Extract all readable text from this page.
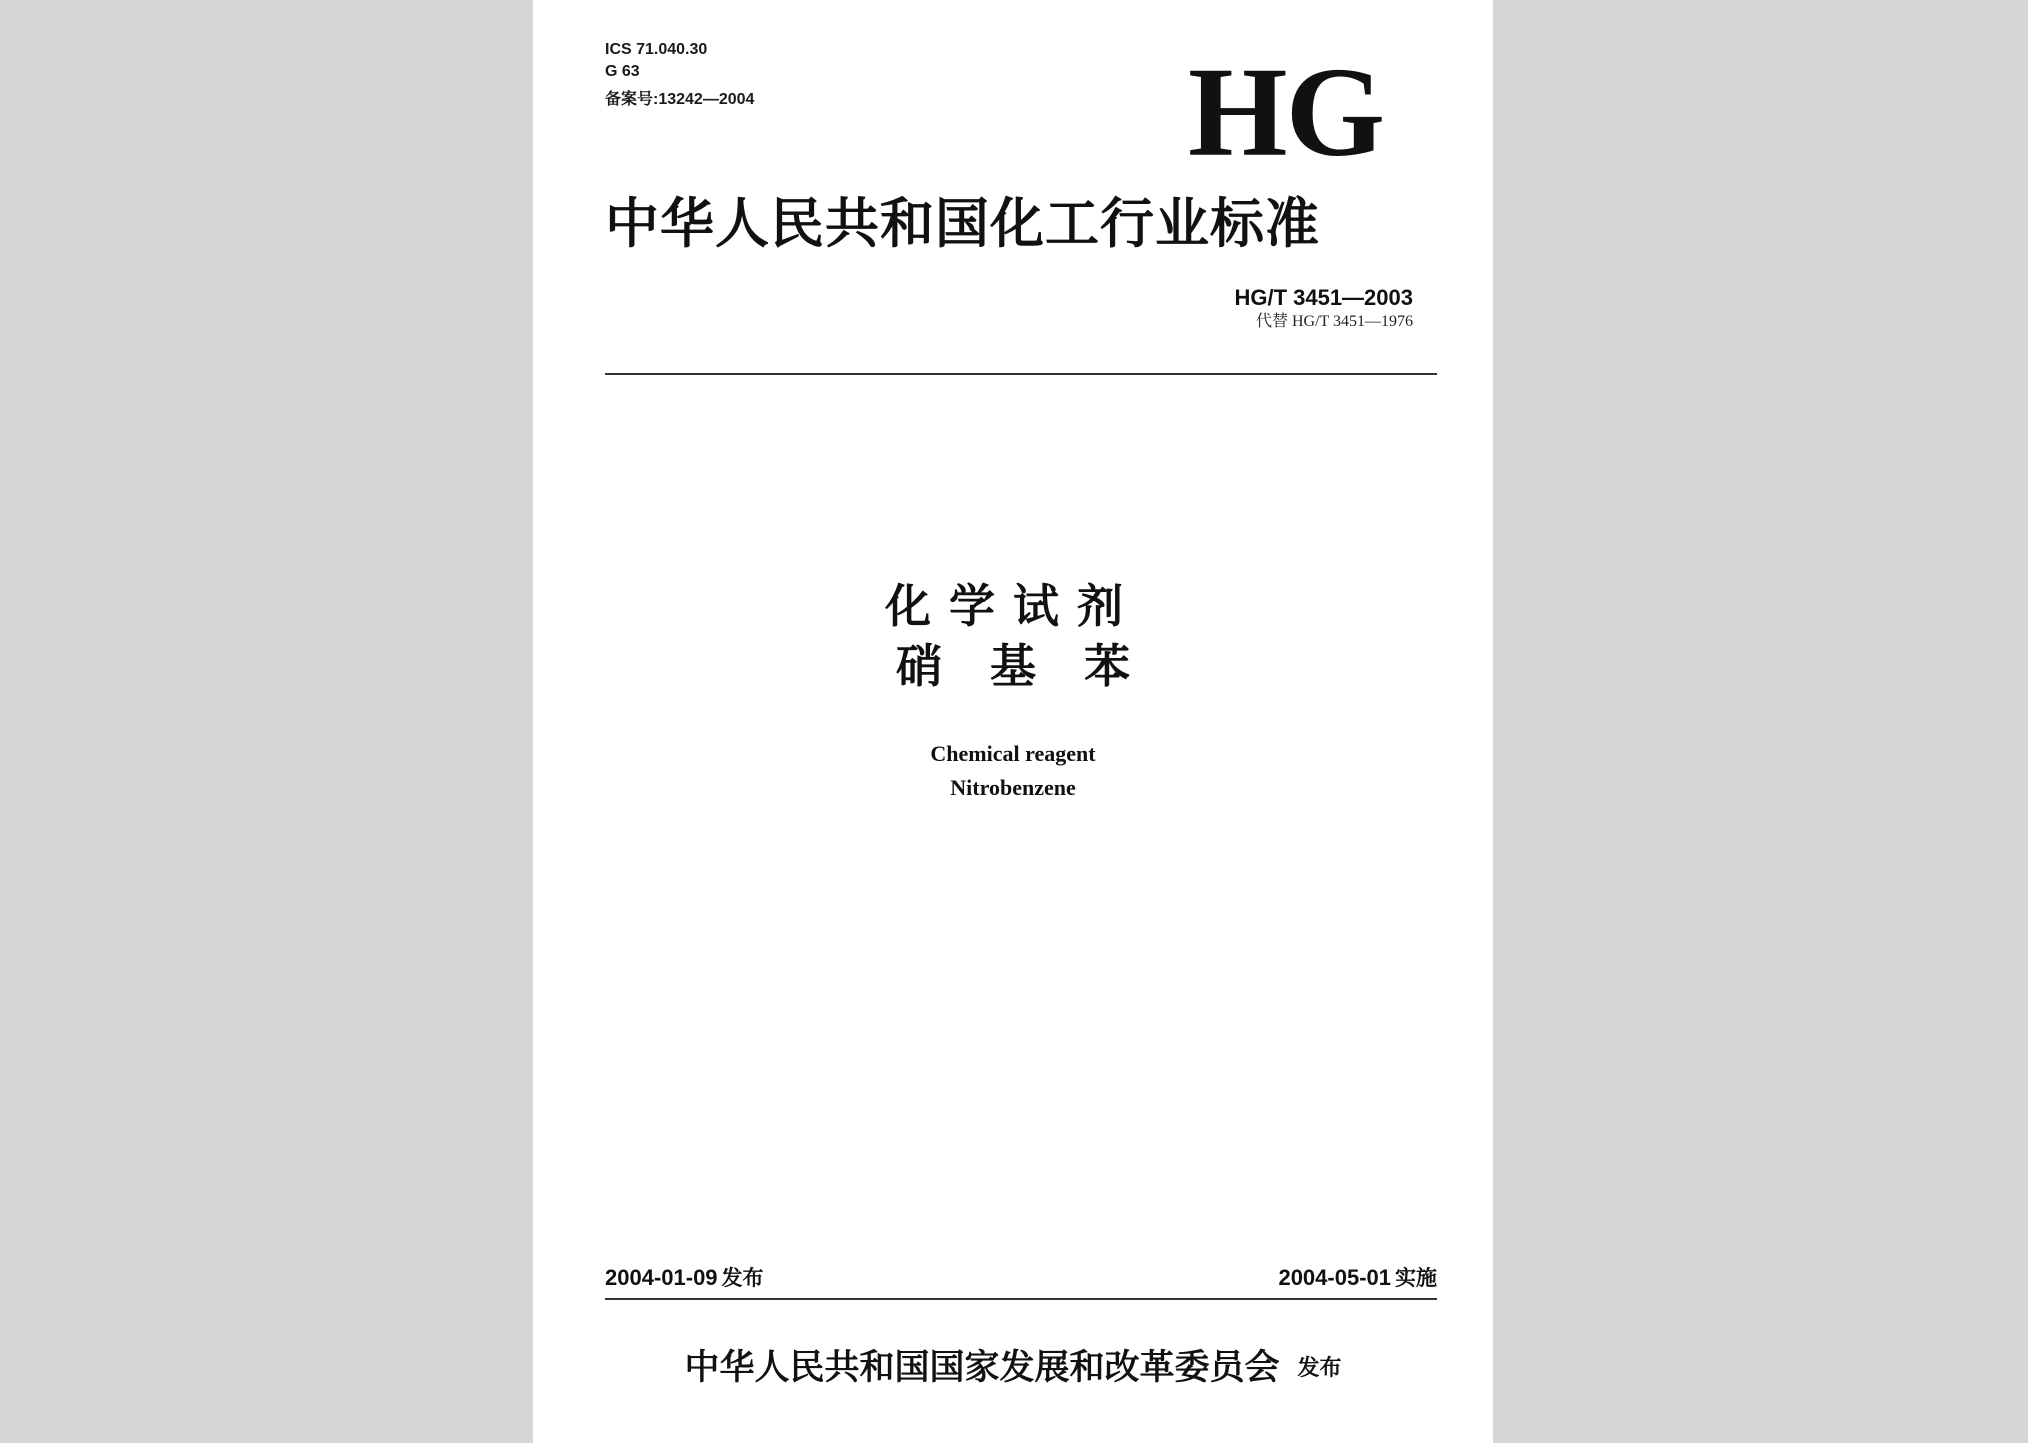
ICS 71.040.30
G 63
备案号:13242—2004	HG
中华人民共和国化工行业标准
HG/T 3451—2003
代替 HG/T 3451—1976
化学试剂
硝基苯
Chemical reagent
Nitrobenzene
2004-01-09 发布	2004-05-01 实施
中华人民共和国国家发展和改革委员会 发布
